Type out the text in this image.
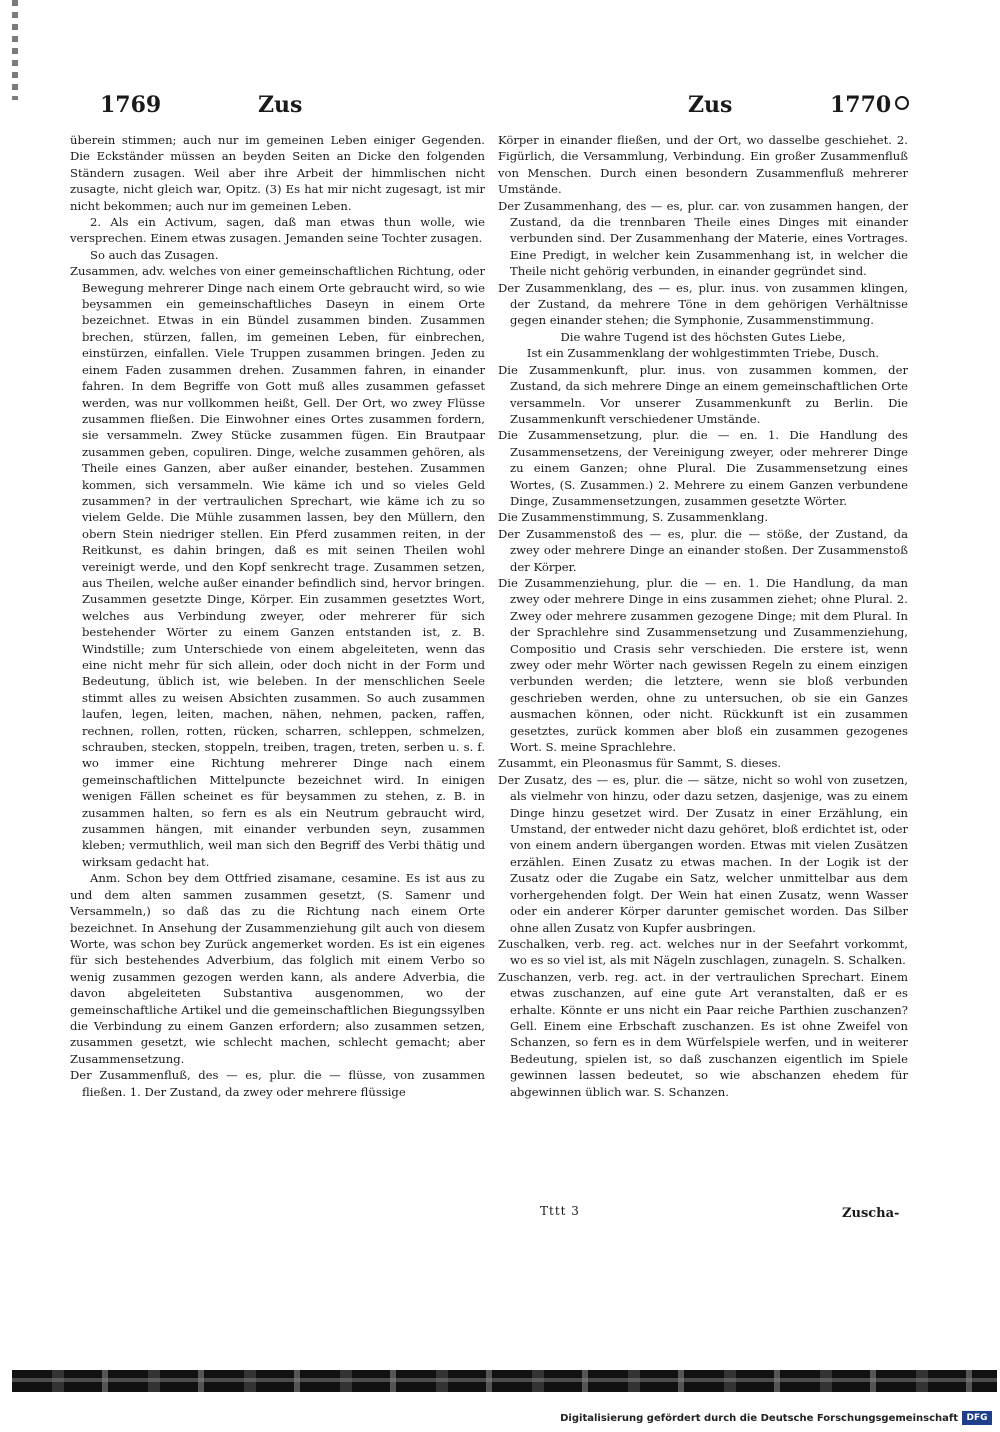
1769	Zus	Zus	1770

überein stimmen; auch nur im gemeinen Leben einiger Gegenden. Die Eckständer müssen an beyden Seiten an Dicke den folgenden Ständern zusagen. Weil aber ihre Arbeit der himmlischen nicht zusagte, nicht gleich war, Opitz. (3) Es hat mir nicht zugesagt, ist mir nicht bekommen; auch nur im gemeinen Leben.

2. Als ein Activum, sagen, daß man etwas thun wolle, wie versprechen. Einem etwas zusagen. Jemanden seine Tochter zusagen.

So auch das Zusagen.

Zusammen, adv. welches von einer gemeinschaftlichen Richtung, oder Bewegung mehrerer Dinge nach einem Orte gebraucht wird, so wie beysammen ein gemeinschaftliches Daseyn in einem Orte bezeichnet. Etwas in ein Bündel zusammen binden. Zusammen brechen, stürzen, fallen, im gemeinen Leben, für einbrechen, einstürzen, einfallen. Viele Truppen zusammen bringen. Jeden zu einem Faden zusammen drehen. Zusammen fahren, in einander fahren. In dem Begriffe von Gott muß alles zusammen gefasset werden, was nur vollkommen heißt, Gell. Der Ort, wo zwey Flüsse zusammen fließen. Die Einwohner eines Ortes zusammen fordern, sie versammeln. Zwey Stücke zusammen fügen. Ein Brautpaar zusammen geben, copuliren. Dinge, welche zusammen gehören, als Theile eines Ganzen, aber außer einander, bestehen. Zusammen kommen, sich versammeln. Wie käme ich und so vieles Geld zusammen? in der vertraulichen Sprechart, wie käme ich zu so vielem Gelde. Die Mühle zusammen lassen, bey den Müllern, den obern Stein niedriger stellen. Ein Pferd zusammen reiten, in der Reitkunst, es dahin bringen, daß es mit seinen Theilen wohl vereinigt werde, und den Kopf senkrecht trage. Zusammen setzen, aus Theilen, welche außer einander befindlich sind, hervor bringen. Zusammen gesetzte Dinge, Körper. Ein zusammen gesetztes Wort, welches aus Verbindung zweyer, oder mehrerer für sich bestehender Wörter zu einem Ganzen entstanden ist, z. B. Windstille; zum Unterschiede von einem abgeleiteten, wenn das eine nicht mehr für sich allein, oder doch nicht in der Form und Bedeutung, üblich ist, wie beleben. In der menschlichen Seele stimmt alles zu weisen Absichten zusammen. So auch zusammen laufen, legen, leiten, machen, nähen, nehmen, packen, raffen, rechnen, rollen, rotten, rücken, scharren, schleppen, schmelzen, schrauben, stecken, stoppeln, treiben, tragen, treten, serben u. s. f. wo immer eine Richtung mehrerer Dinge nach einem gemeinschaftlichen Mittelpuncte bezeichnet wird. In einigen wenigen Fällen scheinet es für beysammen zu stehen, z. B. in zusammen halten, so fern es als ein Neutrum gebraucht wird, zusammen hängen, mit einander verbunden seyn, zusammen kleben; vermuthlich, weil man sich den Begriff des Verbi thätig und wirksam gedacht hat.

Anm. Schon bey dem Ottfried zisamane, cesamine. Es ist aus zu und dem alten sammen zusammen gesetzt, (S. Samenr und Versammeln,) so daß das zu die Richtung nach einem Orte bezeichnet. In Ansehung der Zusammenziehung gilt auch von diesem Worte, was schon bey Zurück angemerket worden. Es ist ein eigenes für sich bestehendes Adverbium, das folglich mit einem Verbo so wenig zusammen gezogen werden kann, als andere Adverbia, die davon abgeleiteten Substantiva ausgenommen, wo der gemeinschaftliche Artikel und die gemeinschaftlichen Biegungssylben die Verbindung zu einem Ganzen erfordern; also zusammen setzen, zusammen gesetzt, wie schlecht machen, schlecht gemacht; aber Zusammensetzung.

Der Zusammenfluß, des — es, plur. die — flüsse, von zusammen fließen. 1. Der Zustand, da zwey oder mehrere flüssige

Körper in einander fließen, und der Ort, wo dasselbe geschiehet. 2. Figürlich, die Versammlung, Verbindung. Ein großer Zusammenfluß von Menschen. Durch einen besondern Zusammenfluß mehrerer Umstände.

Der Zusammenhang, des — es, plur. car. von zusammen hangen, der Zustand, da die trennbaren Theile eines Dinges mit einander verbunden sind. Der Zusammenhang der Materie, eines Vortrages. Eine Predigt, in welcher kein Zusammenhang ist, in welcher die Theile nicht gehörig verbunden, in einander gegründet sind.

Der Zusammenklang, des — es, plur. inus. von zusammen klingen, der Zustand, da mehrere Töne in dem gehörigen Verhältnisse gegen einander stehen; die Symphonie, Zusammenstimmung.

Die wahre Tugend ist des höchsten Gutes Liebe,

Ist ein Zusammenklang der wohlgestimmten Triebe, Dusch.

Die Zusammenkunft, plur. inus. von zusammen kommen, der Zustand, da sich mehrere Dinge an einem gemeinschaftlichen Orte versammeln. Vor unserer Zusammenkunft zu Berlin. Die Zusammenkunft verschiedener Umstände.

Die Zusammensetzung, plur. die — en. 1. Die Handlung des Zusammensetzens, der Vereinigung zweyer, oder mehrerer Dinge zu einem Ganzen; ohne Plural. Die Zusammensetzung eines Wortes, (S. Zusammen.) 2. Mehrere zu einem Ganzen verbundene Dinge, Zusammensetzungen, zusammen gesetzte Wörter.

Die Zusammenstimmung, S. Zusammenklang.

Der Zusammenstoß des — es, plur. die — stöße, der Zustand, da zwey oder mehrere Dinge an einander stoßen. Der Zusammenstoß der Körper.

Die Zusammenziehung, plur. die — en. 1. Die Handlung, da man zwey oder mehrere Dinge in eins zusammen ziehet; ohne Plural. 2. Zwey oder mehrere zusammen gezogene Dinge; mit dem Plural. In der Sprachlehre sind Zusammensetzung und Zusammenziehung, Compositio und Crasis sehr verschieden. Die erstere ist, wenn zwey oder mehr Wörter nach gewissen Regeln zu einem einzigen verbunden werden; die letztere, wenn sie bloß verbunden geschrieben werden, ohne zu untersuchen, ob sie ein Ganzes ausmachen können, oder nicht. Rückkunft ist ein zusammen gesetztes, zurück kommen aber bloß ein zusammen gezogenes Wort. S. meine Sprachlehre.

Zusammt, ein Pleonasmus für Sammt, S. dieses.

Der Zusatz, des — es, plur. die — sätze, nicht so wohl von zusetzen, als vielmehr von hinzu, oder dazu setzen, dasjenige, was zu einem Dinge hinzu gesetzet wird. Der Zusatz in einer Erzählung, ein Umstand, der entweder nicht dazu gehöret, bloß erdichtet ist, oder von einem andern übergangen worden. Etwas mit vielen Zusätzen erzählen. Einen Zusatz zu etwas machen. In der Logik ist der Zusatz oder die Zugabe ein Satz, welcher unmittelbar aus dem vorhergehenden folgt. Der Wein hat einen Zusatz, wenn Wasser oder ein anderer Körper darunter gemischet worden. Das Silber ohne allen Zusatz von Kupfer ausbringen.

Zuschalken, verb. reg. act. welches nur in der Seefahrt vorkommt, wo es so viel ist, als mit Nägeln zuschlagen, zunageln. S. Schalken.

Zuschanzen, verb. reg. act. in der vertraulichen Sprechart. Einem etwas zuschanzen, auf eine gute Art veranstalten, daß er es erhalte. Könnte er uns nicht ein Paar reiche Parthien zuschanzen? Gell. Einem eine Erbschaft zuschanzen. Es ist ohne Zweifel von Schanzen, so fern es in dem Würfelspiele werfen, und in weiterer Bedeutung, spielen ist, so daß zuschanzen eigentlich im Spiele gewinnen lassen bedeutet, so wie abschanzen ehedem für abgewinnen üblich war. S. Schanzen.

Tttt 3	Zuscha-
Digitalisierung gefördert durch die Deutsche Forschungsgemeinschaft DFG
